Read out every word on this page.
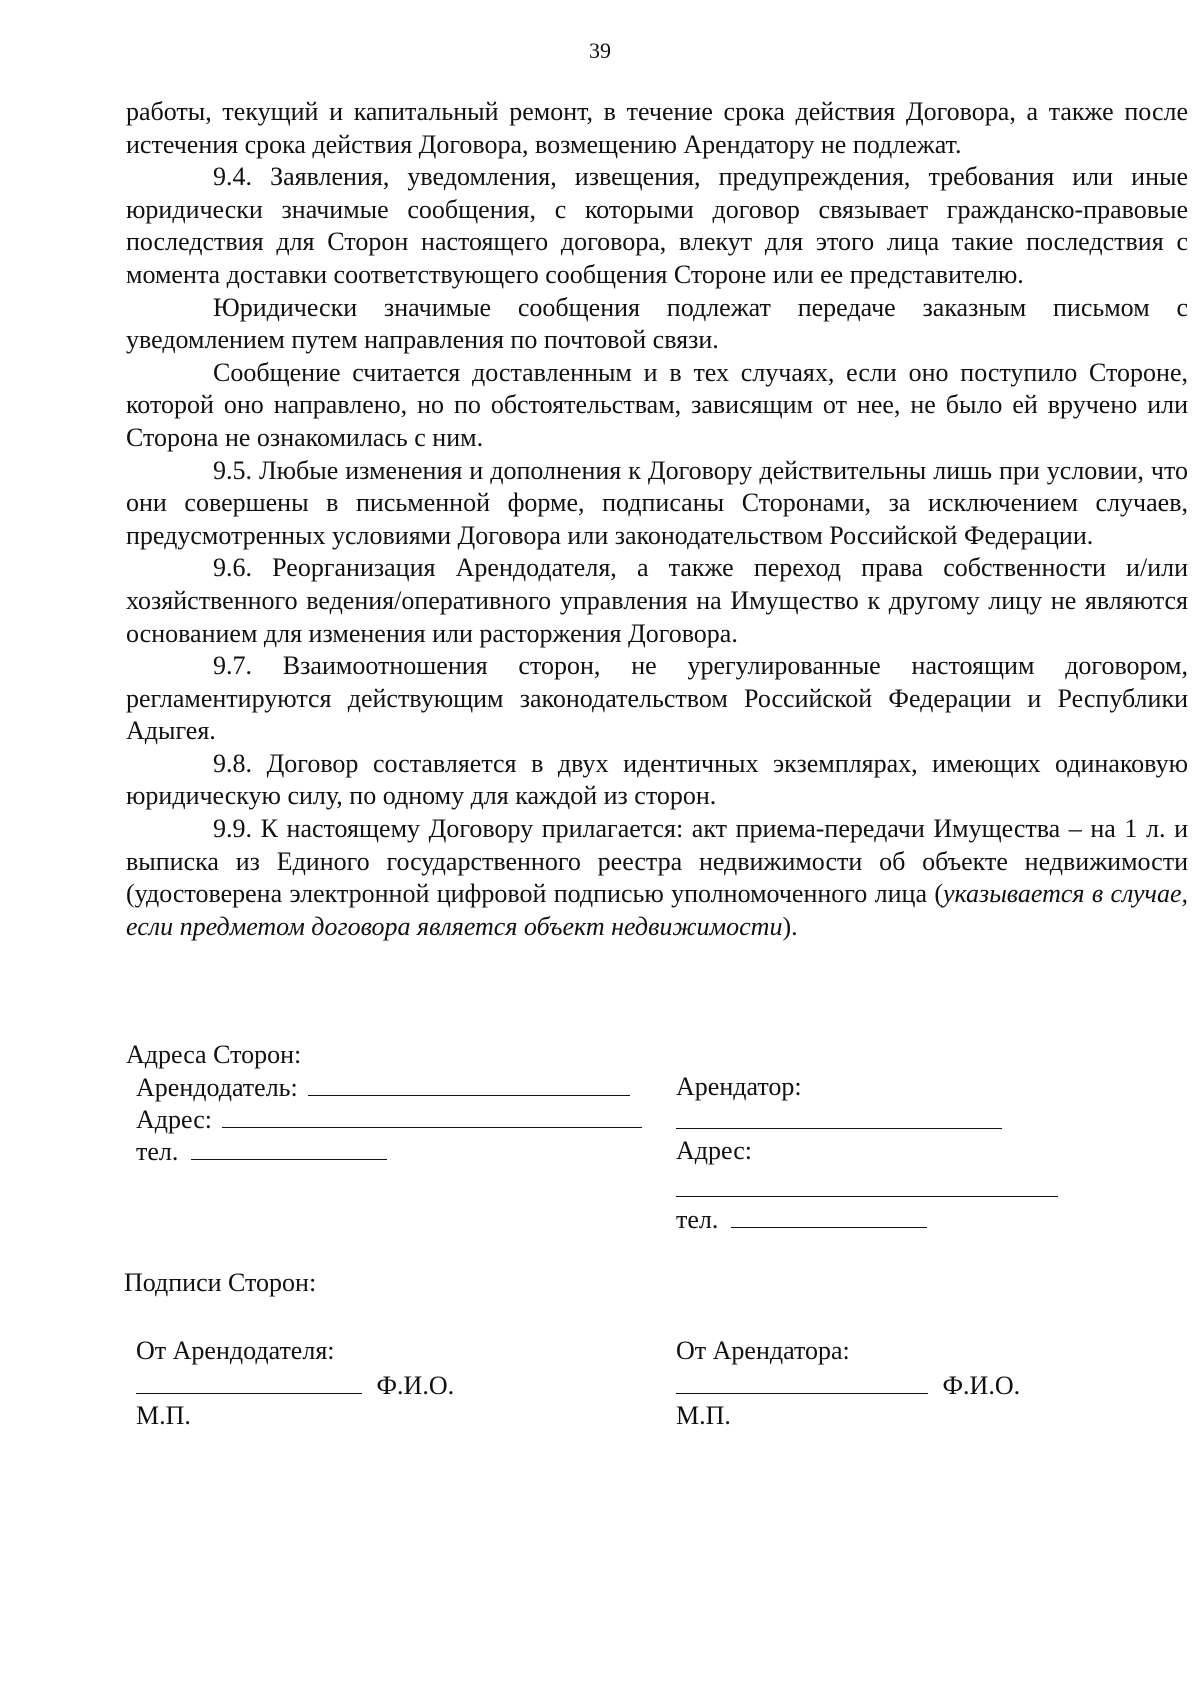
39

работы, текущий и капитальный ремонт, в течение срока действия Договора, а также после истечения срока действия Договора, возмещению Арендатору не подлежат.

9.4. Заявления, уведомления, извещения, предупреждения, требования или иные юридически значимые сообщения, с которыми договор связывает гражданско-правовые последствия для Сторон настоящего договора, влекут для этого лица такие последствия с момента доставки соответствующего сообщения Стороне или ее представителю.

Юридически значимые сообщения подлежат передаче заказным письмом с уведомлением путем направления по почтовой связи.

Сообщение считается доставленным и в тех случаях, если оно поступило Стороне, которой оно направлено, но по обстоятельствам, зависящим от нее, не было ей вручено или Сторона не ознакомилась с ним.

9.5. Любые изменения и дополнения к Договору действительны лишь при условии, что они совершены в письменной форме, подписаны Сторонами, за исключением случаев, предусмотренных условиями Договора или законодательством Российской Федерации.

9.6. Реорганизация Арендодателя, а также переход права собственности и/или хозяйственного ведения/оперативного управления на Имущество к другому лицу не являются основанием для изменения или расторжения Договора.

9.7. Взаимоотношения сторон, не урегулированные настоящим договором, регламентируются действующим законодательством Российской Федерации и Республики Адыгея.

9.8. Договор составляется в двух идентичных экземплярах, имеющих одинаковую юридическую силу, по одному для каждой из сторон.

9.9. К настоящему Договору прилагается: акт приема-передачи Имущества – на 1 л. и выписка из Единого государственного реестра недвижимости об объекте недвижимости (удостоверена электронной цифровой подписью уполномоченного лица (указывается в случае, если предметом договора является объект недвижимости).

Адреса Сторон:
Арендодатель:
Адрес:
тел.
Арендатор:
Адрес:
тел.
Подписи Сторон:
От Арендодателя:
Ф.И.О.
М.П.
От Арендатора:
Ф.И.О.
М.П.
